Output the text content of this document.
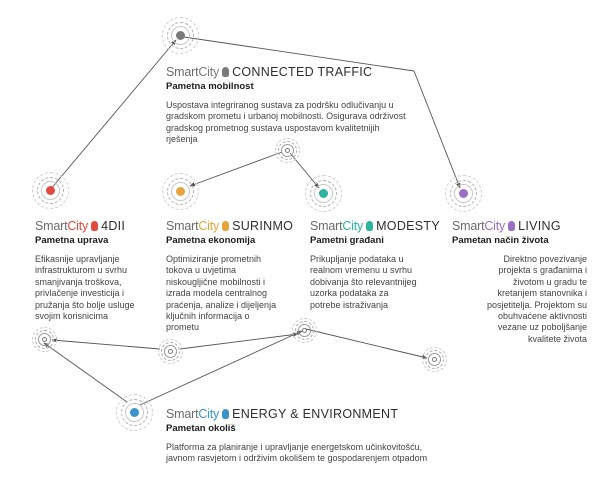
SmartCity CONNECTED TRAFFIC
Pametna mobilnost
Uspostava integriranog sustava za podršku odlučivanju u
gradskom prometu i urbanoj mobilnosti. Osigurava održivost
gradskog prometnog sustava uspostavom kvalitetnijih
rješenja
SmartCity 4DII
Pametna uprava
Efikasnije upravljanje
infrastrukturom u svrhu
smanjivanja troškova,
privlačenje investicija i
pružanja što bolje usluge
svojim korisnicima
SmartCity SURINMO
Pametna ekonomija
Optimiziranje prometnih
tokova u uvjetima
niskougljične mobilnosti i
izrada modela centralnog
praćenja, analize i dijeljenja
ključnih informacija o
prometu
SmartCity MODESTY
Pametni građani
Prikupljanje podataka u
realnom vremenu u svrhu
dobivanja što relevantnijeg
uzorka podataka za
potrebe istraživanja
SmartCity LIVING
Pametan način života
Direktno povezivanje
projekta s građanima i
životom u gradu te
kretanjem stanovnika i
posjetitelja. Projektom su
obuhvaćene aktivnosti
vezane uz poboljšanje
kvalitete života
SmartCity ENERGY & ENVIRONMENT
Pametan okoliš
Platforma za planiranje i upravljanje energetskom učinkovitošću,
javnom rasvjetom i održivim okolišem te gospodarenjem otpadom
